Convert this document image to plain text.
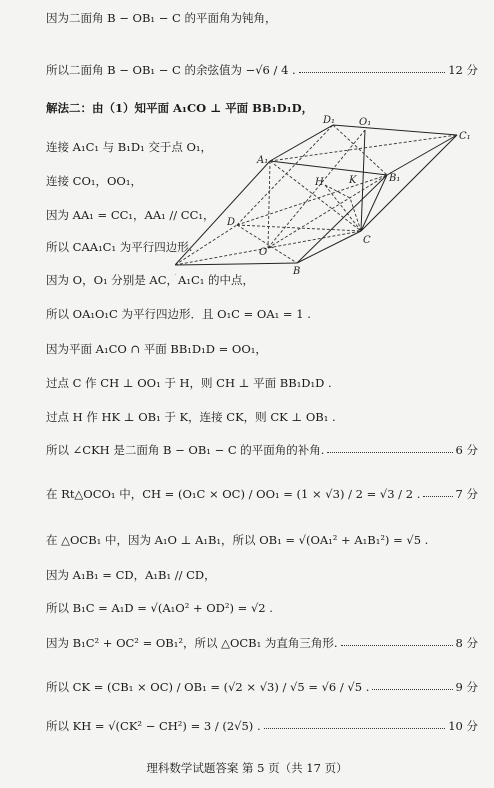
因为二面角 B − OB₁ − C 的平面角为钝角，
所以二面角 B − OB₁ − C 的余弦值为 −√6 / 4 .	12 分
解法二：由（1）知平面 A₁CO ⊥ 平面 BB₁D₁D，
连接 A₁C₁ 与 B₁D₁ 交于点 O₁，
连接 CO₁，OO₁，
因为 AA₁ = CC₁，AA₁ // CC₁，
所以 CAA₁C₁ 为平行四边形.
因为 O，O₁ 分别是 AC，A₁C₁ 的中点，
所以 OA₁O₁C 为平行四边形．且 O₁C = OA₁ = 1 .
因为平面 A₁CO ∩ 平面 BB₁D₁D = OO₁，
过点 C 作 CH ⊥ OO₁ 于 H，则 CH ⊥ 平面 BB₁D₁D .
过点 H 作 HK ⊥ OB₁ 于 K，连接 CK，则 CK ⊥ OB₁ .
所以 ∠CKH 是二面角 B − OB₁ − C 的平面角的补角.	6 分
在 Rt△OCO₁ 中，CH = (O₁C × OC) / OO₁ = (1 × √3) / 2 = √3 / 2 .	7 分
在 △OCB₁ 中，因为 A₁O ⊥ A₁B₁，所以 OB₁ = √(OA₁² + A₁B₁²) = √5 .
因为 A₁B₁ = CD，A₁B₁ // CD，
所以 B₁C = A₁D = √(A₁O² + OD²) = √2 .
因为 B₁C² + OC² = OB₁²，所以 △OCB₁ 为直角三角形.	8 分
所以 CK = (CB₁ × OC) / OB₁ = (√2 × √3) / √5 = √6 / √5 .	9 分
所以 KH = √(CK² − CH²) = 3 / (2√5) .	10 分
B
C
D
O
A₁
B₁
C₁
D₁ O₁
H	K
理科数学试题答案 第 5 页（共 17 页）
